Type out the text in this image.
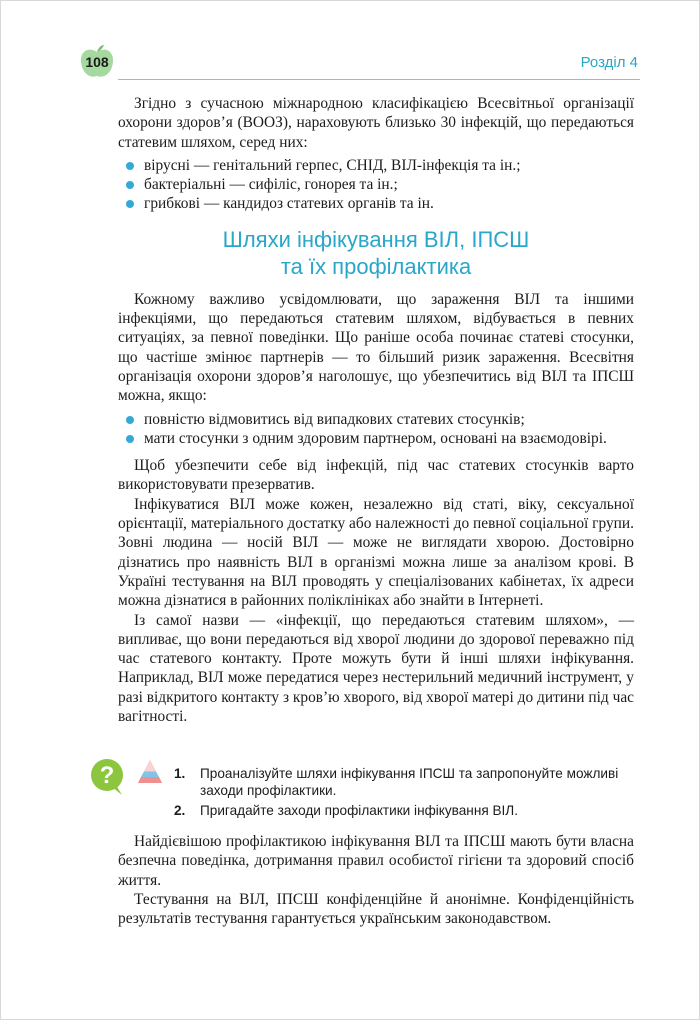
108	Розділ 4

Згідно з сучасною міжнародною класифікацією Всесвітньої організації охорони здоров’я (ВООЗ), нараховують близько 30 інфекцій, що передаються статевим шляхом, серед них:

вірусні — генітальний герпес, СНІД, ВІЛ-інфекція та ін.;
бактеріальні — сифіліс, гонорея та ін.;
грибкові — кандидоз статевих органів та ін.
Шляхи інфікування ВІЛ, ІПСШ
та їх профілактика

Кожному важливо усвідомлювати, що зараження ВІЛ та іншими інфекціями, що передаються статевим шляхом, відбувається в певних ситуаціях, за певної поведінки. Що раніше особа починає статеві стосунки, що частіше змінює партнерів — то більший ризик зараження. Всесвітня організація охорони здоров’я наголошує, що убезпечитись від ВІЛ та ІПСШ можна, якщо:

повністю відмовитись від випадкових статевих стосунків;
мати стосунки з одним здоровим партнером, основані на взаємодовірі.

Щоб убезпечити себе від інфекцій, під час статевих стосунків варто використовувати презерватив.

Інфікуватися ВІЛ може кожен, незалежно від статі, віку, сексуальної орієнтації, матеріального достатку або належності до певної соціальної групи. Зовні людина — носій ВІЛ — може не виглядати хворою. Достовірно дізнатись про наявність ВІЛ в організмі можна лише за аналізом крові. В Україні тестування на ВІЛ проводять у спеціалізованих кабінетах, їх адреси можна дізнатися в районних поліклініках або знайти в Інтернеті.

Із самої назви — «інфекції, що передаються статевим шляхом», — випливає, що вони передаються від хворої людини до здорової переважно під час статевого контакту. Проте можуть бути й інші шляхи інфікування. Наприклад, ВІЛ може передатися через нестерильний медичний інструмент, у разі відкритого контакту з кров’ю хворого, від хворої матері до дитини під час вагітності.

?	1. Проаналізуйте шляхи інфікування ІПСШ та запропонуйте можливі заходи профілактики.
2. Пригадайте заходи профілактики інфікування ВІЛ.

Найдієвішою профілактикою інфікування ВІЛ та ІПСШ мають бути власна безпечна поведінка, дотримання правил особистої гігієни та здоровий спосіб життя.

Тестування на ВІЛ, ІПСШ конфіденційне й анонімне. Конфіденційність результатів тестування гарантується українським законодавством.
